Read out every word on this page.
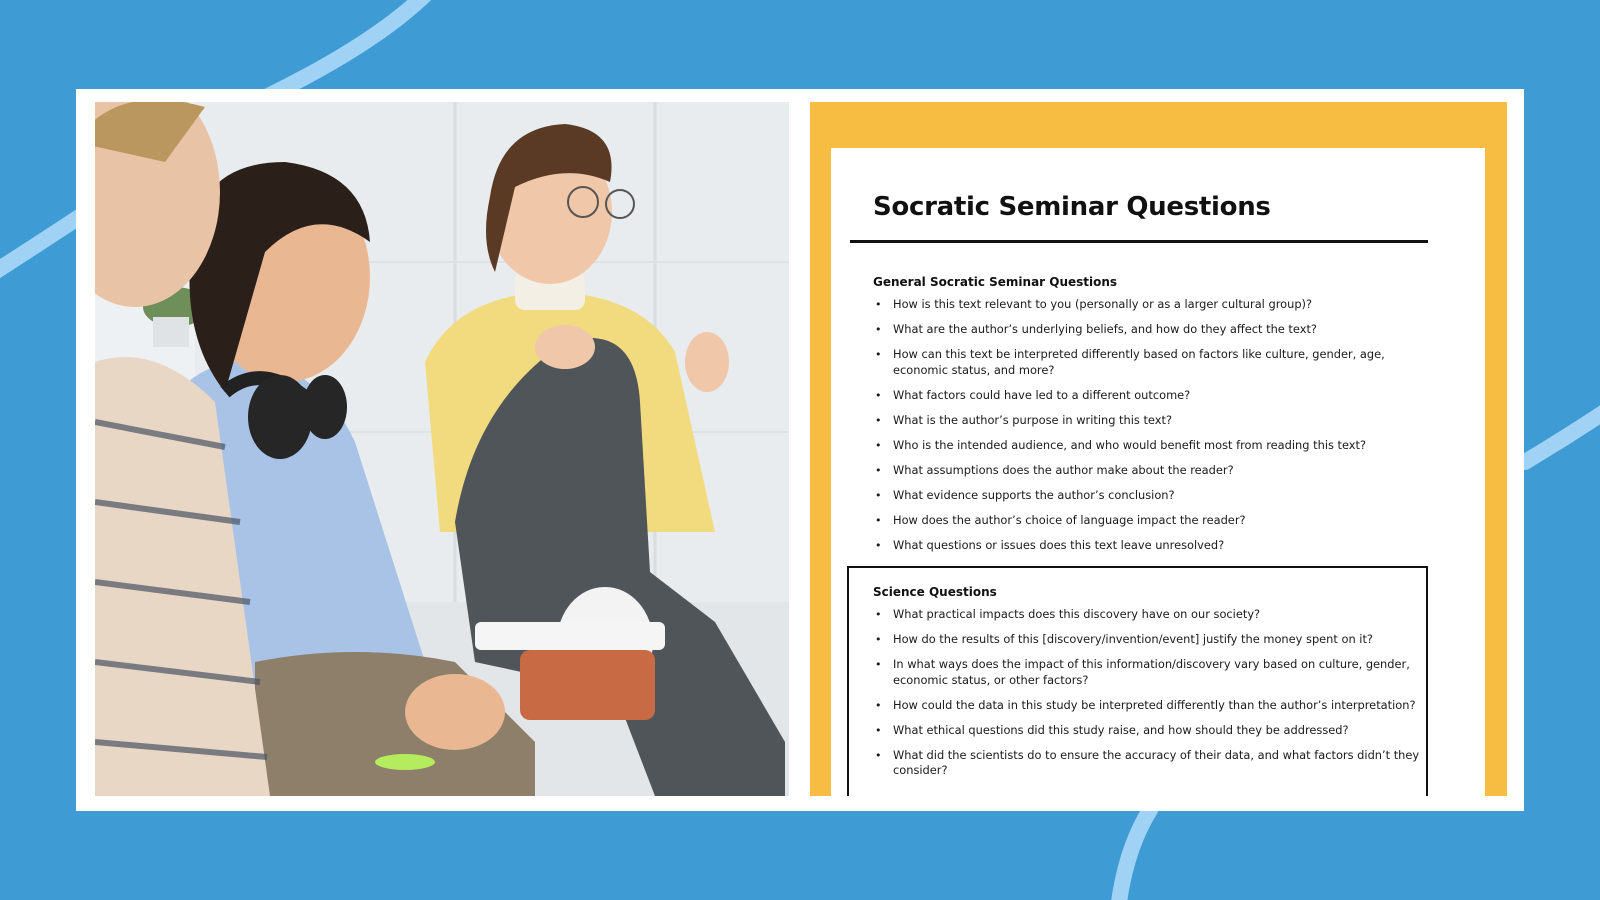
Socratic Seminar Questions
General Socratic Seminar Questions
• How is this text relevant to you (personally or as a larger cultural group)?
• What are the author’s underlying beliefs, and how do they affect the text?
• How can this text be interpreted differently based on factors like culture, gender, age, economic status, and more?
• What factors could have led to a different outcome?
• What is the author’s purpose in writing this text?
• Who is the intended audience, and who would benefit most from reading this text?
• What assumptions does the author make about the reader?
• What evidence supports the author’s conclusion?
• How does the author’s choice of language impact the reader?
• What questions or issues does this text leave unresolved?
Science Questions
• What practical impacts does this discovery have on our society?
• How do the results of this [discovery/invention/event] justify the money spent on it?
• In what ways does the impact of this information/discovery vary based on culture, gender, economic status, or other factors?
• How could the data in this study be interpreted differently than the author’s interpretation?
• What ethical questions did this study raise, and how should they be addressed?
• What did the scientists do to ensure the accuracy of their data, and what factors didn’t they consider?
